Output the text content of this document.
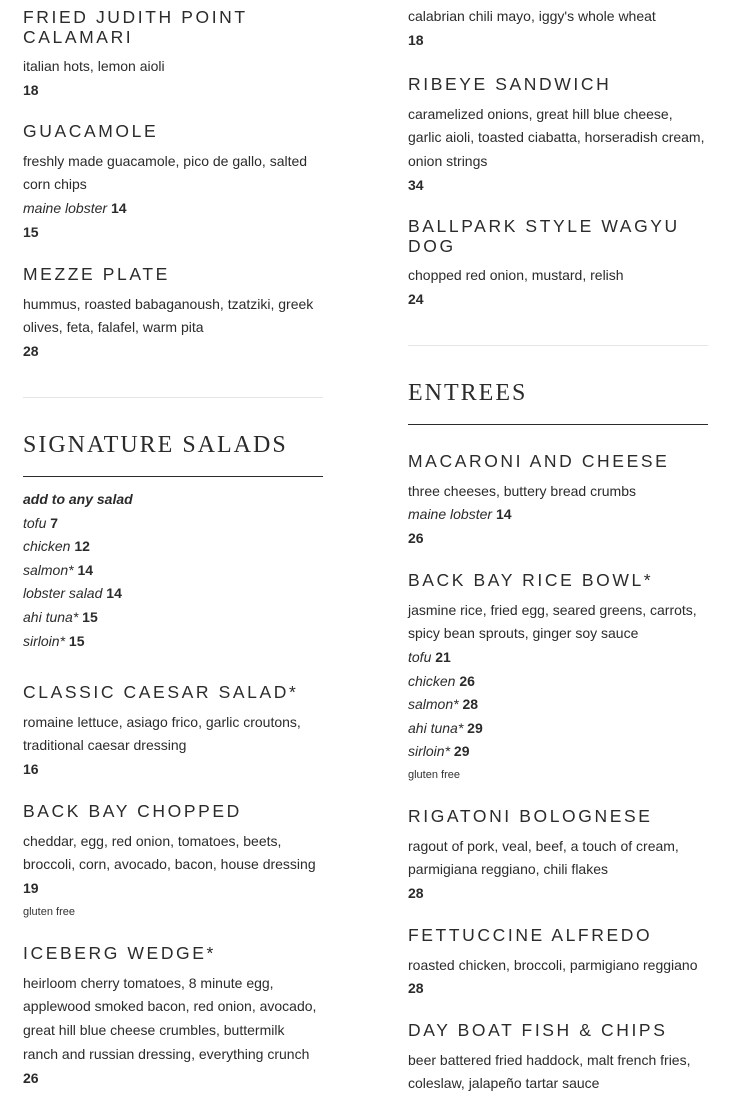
FRIED JUDITH POINT CALAMARI
italian hots, lemon aioli
18
GUACAMOLE
freshly made guacamole, pico de gallo, salted corn chips
maine lobster 14
15
MEZZE PLATE
hummus, roasted babaganoush, tzatziki, greek olives, feta, falafel, warm pita
28
SIGNATURE SALADS
add to any salad
tofu 7
chicken 12
salmon* 14
lobster salad 14
ahi tuna* 15
sirloin* 15
CLASSIC CAESAR SALAD*
romaine lettuce, asiago frico, garlic croutons, traditional caesar dressing
16
BACK BAY CHOPPED
cheddar, egg, red onion, tomatoes, beets, broccoli, corn, avocado, bacon, house dressing
19
gluten free
ICEBERG WEDGE*
heirloom cherry tomatoes, 8 minute egg, applewood smoked bacon, red onion, avocado, great hill blue cheese crumbles, buttermilk ranch and russian dressing, everything crunch
26
calabrian chili mayo, iggy's whole wheat
18
RIBEYE SANDWICH
caramelized onions, great hill blue cheese, garlic aioli, toasted ciabatta, horseradish cream, onion strings
34
BALLPARK STYLE WAGYU DOG
chopped red onion, mustard, relish
24
ENTREES
MACARONI AND CHEESE
three cheeses, buttery bread crumbs
maine lobster 14
26
BACK BAY RICE BOWL*
jasmine rice, fried egg, seared greens, carrots, spicy bean sprouts, ginger soy sauce
tofu 21
chicken 26
salmon* 28
ahi tuna* 29
sirloin* 29
gluten free
RIGATONI BOLOGNESE
ragout of pork, veal, beef, a touch of cream, parmigiana reggiano, chili flakes
28
FETTUCCINE ALFREDO
roasted chicken, broccoli, parmigiano reggiano
28
DAY BOAT FISH & CHIPS
beer battered fried haddock, malt french fries, coleslaw, jalapeño tartar sauce
